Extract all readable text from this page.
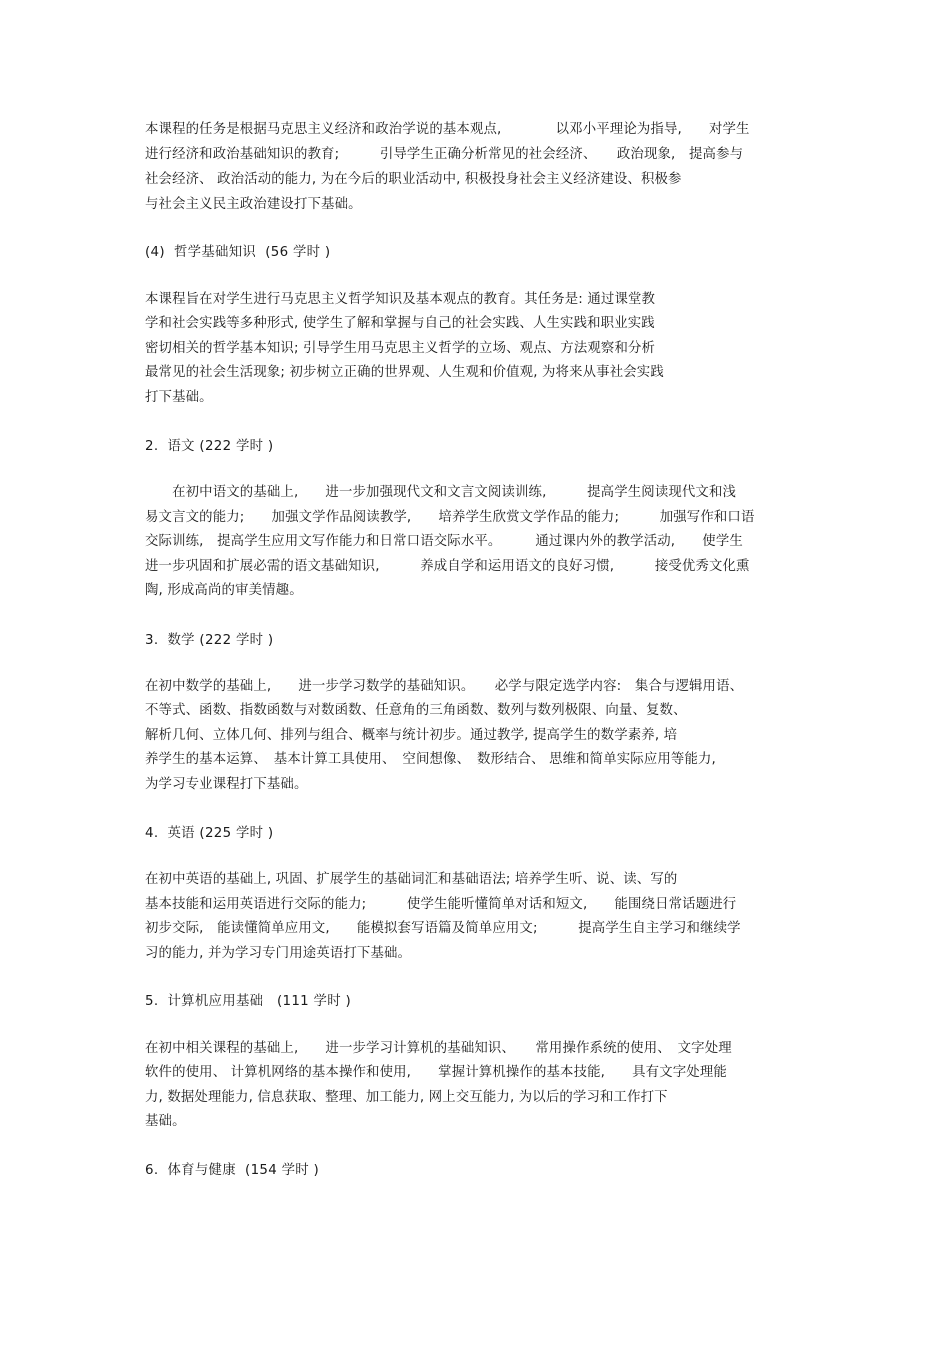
本课程的任务是根据马克思主义经济和政治学说的基本观点,　　　　以邓小平理论为指导,　　对学生
进行经济和政治基础知识的教育;　　　引导学生正确分析常见的社会经济、　　政治现象,　提高参与
社会经济、 政治活动的能力, 为在今后的职业活动中, 积极投身社会主义经济建设、积极参
与社会主义民主政治建设打下基础。
(4)  哲学基础知识  (56 学时 )
本课程旨在对学生进行马克思主义哲学知识及基本观点的教育。其任务是: 通过课堂教
学和社会实践等多种形式, 使学生了解和掌握与自己的社会实践、人生实践和职业实践
密切相关的哲学基本知识; 引导学生用马克思主义哲学的立场、观点、方法观察和分析
最常见的社会生活现象; 初步树立正确的世界观、人生观和价值观, 为将来从事社会实践
打下基础。
2.  语文 (222 学时 )
　　在初中语文的基础上,　　进一步加强现代文和文言文阅读训练,　　　提高学生阅读现代文和浅
易文言文的能力;　　加强文学作品阅读教学,　　培养学生欣赏文学作品的能力;　　　加强写作和口语
交际训练,　提高学生应用文写作能力和日常口语交际水平。　　　通过课内外的教学活动,　　使学生
进一步巩固和扩展必需的语文基础知识,　　　养成自学和运用语文的良好习惯,　　　接受优秀文化熏
陶, 形成高尚的审美情趣。
3.  数学 (222 学时 )
在初中数学的基础上,　　进一步学习数学的基础知识。　　必学与限定选学内容:　集合与逻辑用语、
不等式、函数、指数函数与对数函数、任意角的三角函数、数列与数列极限、向量、复数、
解析几何、立体几何、排列与组合、概率与统计初步。通过教学, 提高学生的数学素养, 培
养学生的基本运算、　基本计算工具使用、　空间想像、　数形结合、 思维和简单实际应用等能力,
为学习专业课程打下基础。
4.  英语 (225 学时 )
在初中英语的基础上, 巩固、扩展学生的基础词汇和基础语法; 培养学生听、说、读、写的
基本技能和运用英语进行交际的能力;　　　使学生能听懂简单对话和短文,　　能围绕日常话题进行
初步交际,　能读懂简单应用文,　　能模拟套写语篇及简单应用文;　　　提高学生自主学习和继续学
习的能力, 并为学习专门用途英语打下基础。
5.  计算机应用基础   (111 学时 )
在初中相关课程的基础上,　　进一步学习计算机的基础知识、　　常用操作系统的使用、　文字处理
软件的使用、 计算机网络的基本操作和使用,　　掌握计算机操作的基本技能,　　具有文字处理能
力, 数据处理能力, 信息获取、整理、加工能力, 网上交互能力, 为以后的学习和工作打下
基础。
6.  体育与健康  (154 学时 )
